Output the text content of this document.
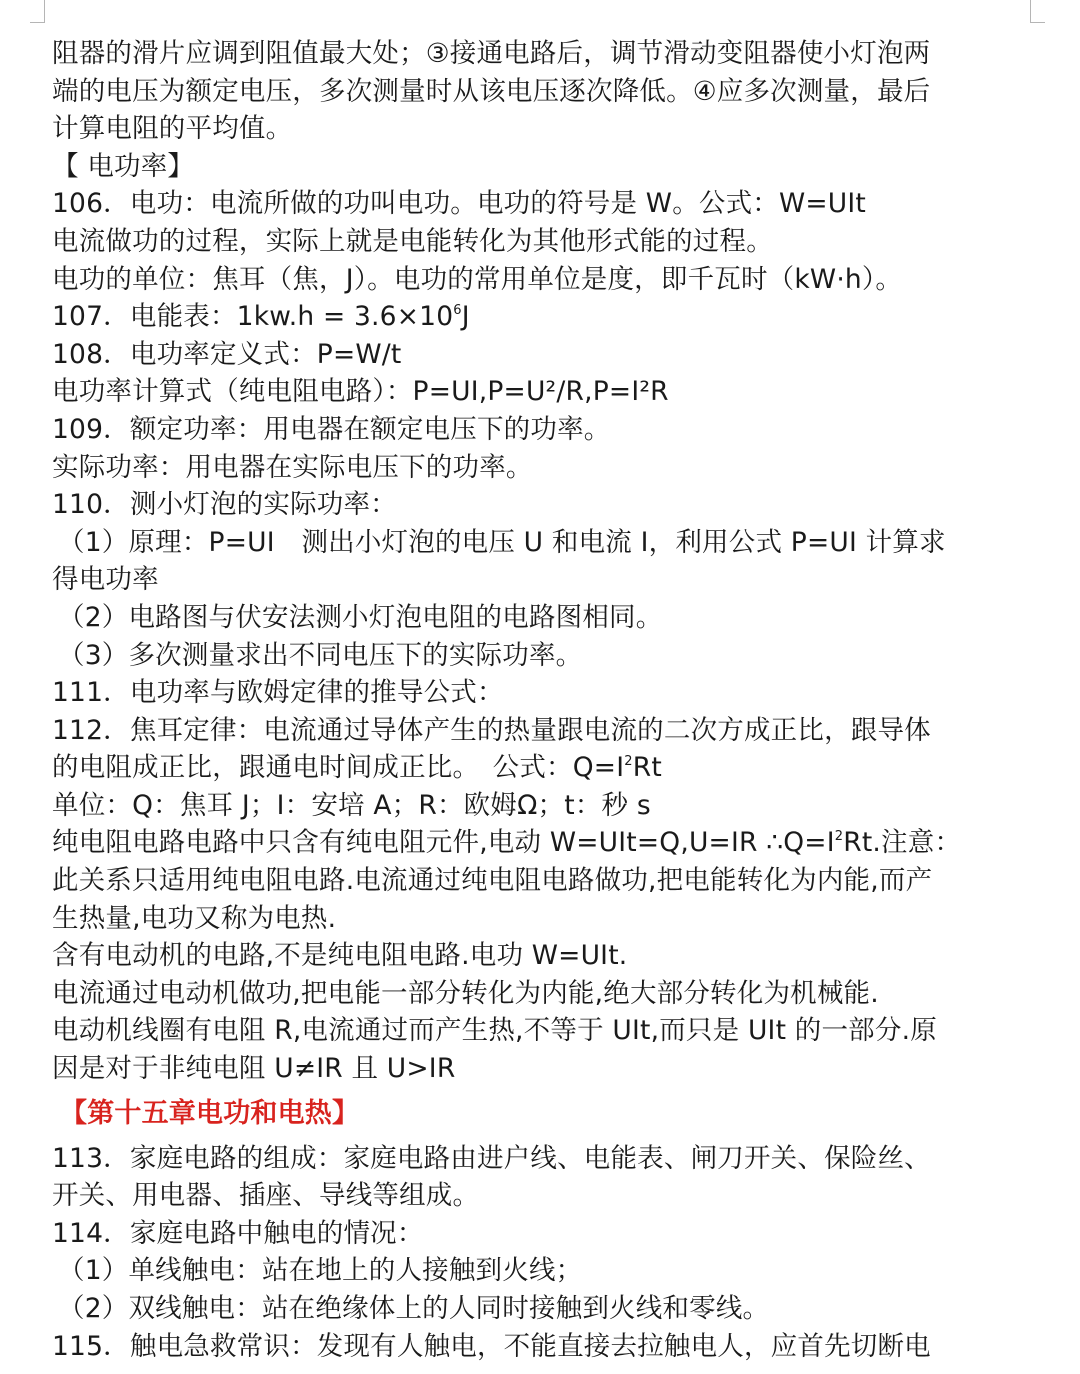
阻器的滑片应调到阻值最大处；③接通电路后，调节滑动变阻器使小灯泡两
端的电压为额定电压，多次测量时从该电压逐次降低。④应多次测量，最后
计算电阻的平均值。
【 电功率】
106．电功：电流所做的功叫电功。电功的符号是 W。公式：W=UIt
电流做功的过程，实际上就是电能转化为其他形式能的过程。
电功的单位：焦耳（焦，J）。电功的常用单位是度，即千瓦时（kW·h）。
107．电能表：$1kw.h = 3.6\times 10^6J$
108．电功率定义式：P=W/t
电功率计算式（纯电阻电路）：P=UI,P=U²/R,P=I²R
109．额定功率：用电器在额定电压下的功率。
实际功率：用电器在实际电压下的功率。
110．测小灯泡的实际功率：
（1）原理：P=UI　测出小灯泡的电压 U 和电流 I，利用公式 P=UI 计算求
得电功率
（2）电路图与伏安法测小灯泡电阻的电路图相同。
（3）多次测量求出不同电压下的实际功率。
111．电功率与欧姆定律的推导公式：
112．焦耳定律：电流通过导体产生的热量跟电流的二次方成正比，跟导体
的电阻成正比，跟通电时间成正比。　公式：$Q=I^2Rt$
单位：Q：焦耳 J；I：安培 A；R：欧姆Ω；t：秒 s
纯电阻电路电路中只含有纯电阻元件,电动 W=UIt=Q,U=IR $\therefore Q=I^2Rt$.注意：
此关系只适用纯电阻电路.电流通过纯电阻电路做功,把电能转化为内能,而产
生热量,电功又称为电热.
含有电动机的电路,不是纯电阻电路.电功 W=UIt.
电流通过电动机做功,把电能一部分转化为内能,绝大部分转化为机械能.
电动机线圈有电阻 R,电流通过而产生热,不等于 UIt,而只是 UIt 的一部分.原
因是对于非纯电阻 U≠IR 且 U>IR
【第十五章电功和电热】
113．家庭电路的组成：家庭电路由进户线、电能表、闸刀开关、保险丝、
开关、用电器、插座、导线等组成。
114．家庭电路中触电的情况：
（1）单线触电：站在地上的人接触到火线；
（2）双线触电：站在绝缘体上的人同时接触到火线和零线。
115．触电急救常识：发现有人触电，不能直接去拉触电人，应首先切断电
